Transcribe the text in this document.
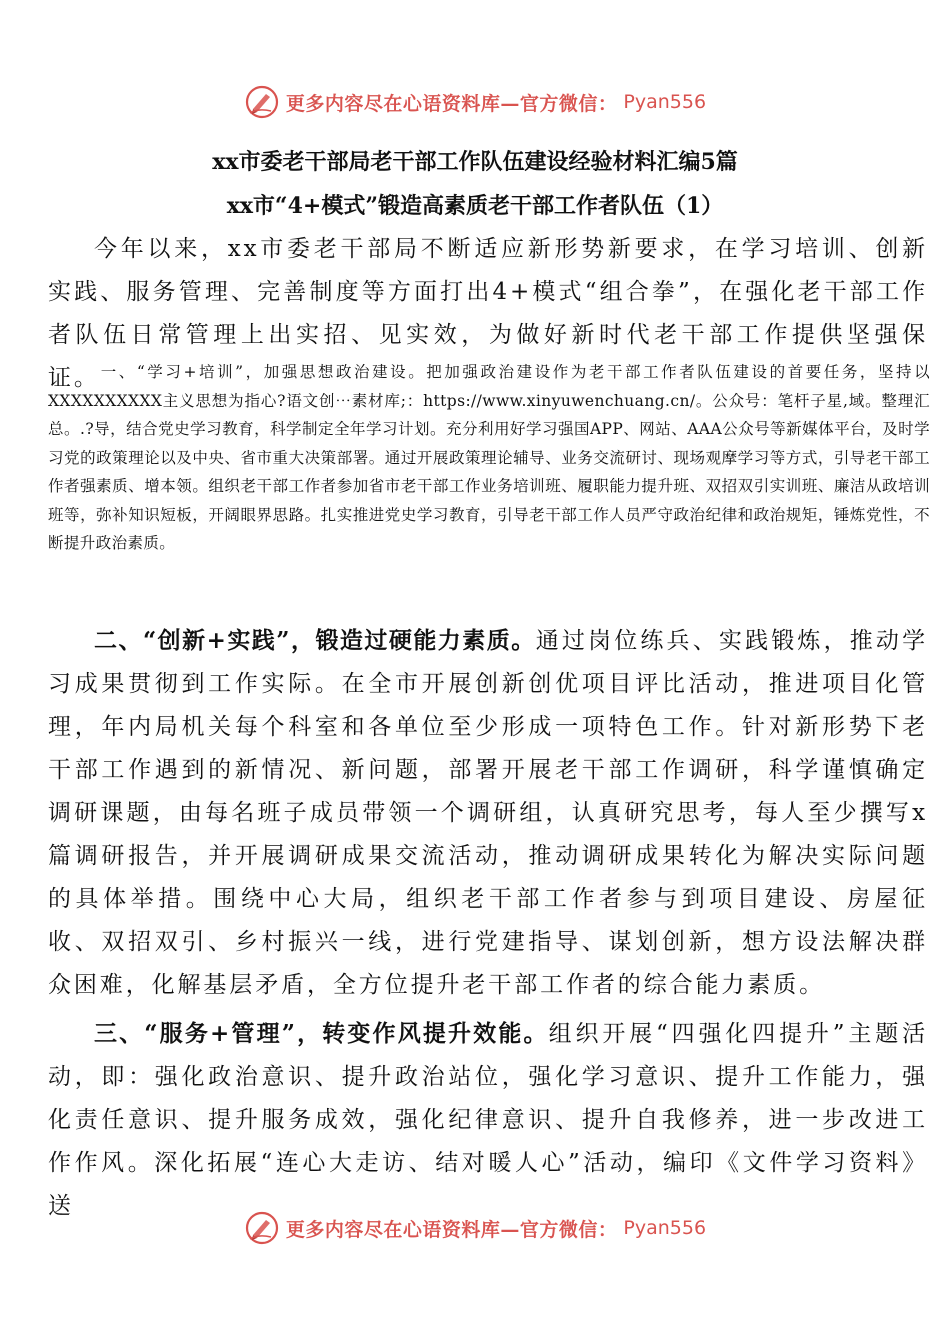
更多内容尽在心语资料库—官方微信： Pyan556
xx市委老干部局老干部工作队伍建设经验材料汇编5篇
xx市“4+模式”锻造高素质老干部工作者队伍（1）

今年以来，xx市委老干部局不断适应新形势新要求，在学习培训、创新实践、服务管理、完善制度等方面打出4+模式“组合拳”，在强化老干部工作者队伍日常管理上出实招、见实效，为做好新时代老干部工作提供坚强保证。 一、“学习+培训”，加强思想政治建设。把加强政治建设作为老干部工作者队伍建设的首要任务，坚持以XXXXXXXXXX主义思想为指心?语文创⋯素材库;：https://www.xinyuwenchuang.cn/。公众号：笔杆子星,域。整理汇总。.?导，结合党史学习教育，科学制定全年学习计划。充分利用好学习强国APP、网站、AAA公众号等新媒体平台，及时学习党的政策理论以及中央、省市重大决策部署。通过开展政策理论辅导、业务交流研讨、现场观摩学习等方式，引导老干部工作者强素质、增本领。组织老干部工作者参加省市老干部工作业务培训班、履职能力提升班、双招双引实训班、廉洁从政培训班等，弥补知识短板，开阔眼界思路。扎实推进党史学习教育，引导老干部工作人员严守政治纪律和政治规矩，锤炼党性，不断提升政治素质。

二、“创新+实践”，锻造过硬能力素质。通过岗位练兵、实践锻炼，推动学习成果贯彻到工作实际。在全市开展创新创优项目评比活动，推进项目化管理，年内局机关每个科室和各单位至少形成一项特色工作。针对新形势下老干部工作遇到的新情况、新问题，部署开展老干部工作调研，科学谨慎确定调研课题，由每名班子成员带领一个调研组，认真研究思考，每人至少撰写x篇调研报告，并开展调研成果交流活动，推动调研成果转化为解决实际问题的具体举措。围绕中心大局，组织老干部工作者参与到项目建设、房屋征收、双招双引、乡村振兴一线，进行党建指导、谋划创新，想方设法解决群众困难，化解基层矛盾，全方位提升老干部工作者的综合能力素质。

三、“服务+管理”，转变作风提升效能。组织开展“四强化四提升”主题活动，即：强化政治意识、提升政治站位，强化学习意识、提升工作能力，强化责任意识、提升服务成效，强化纪律意识、提升自我修养，进一步改进工作作风。深化拓展“连心大走访、结对暖人心”活动，编印《文件学习资料》送

更多内容尽在心语资料库—官方微信： Pyan556
